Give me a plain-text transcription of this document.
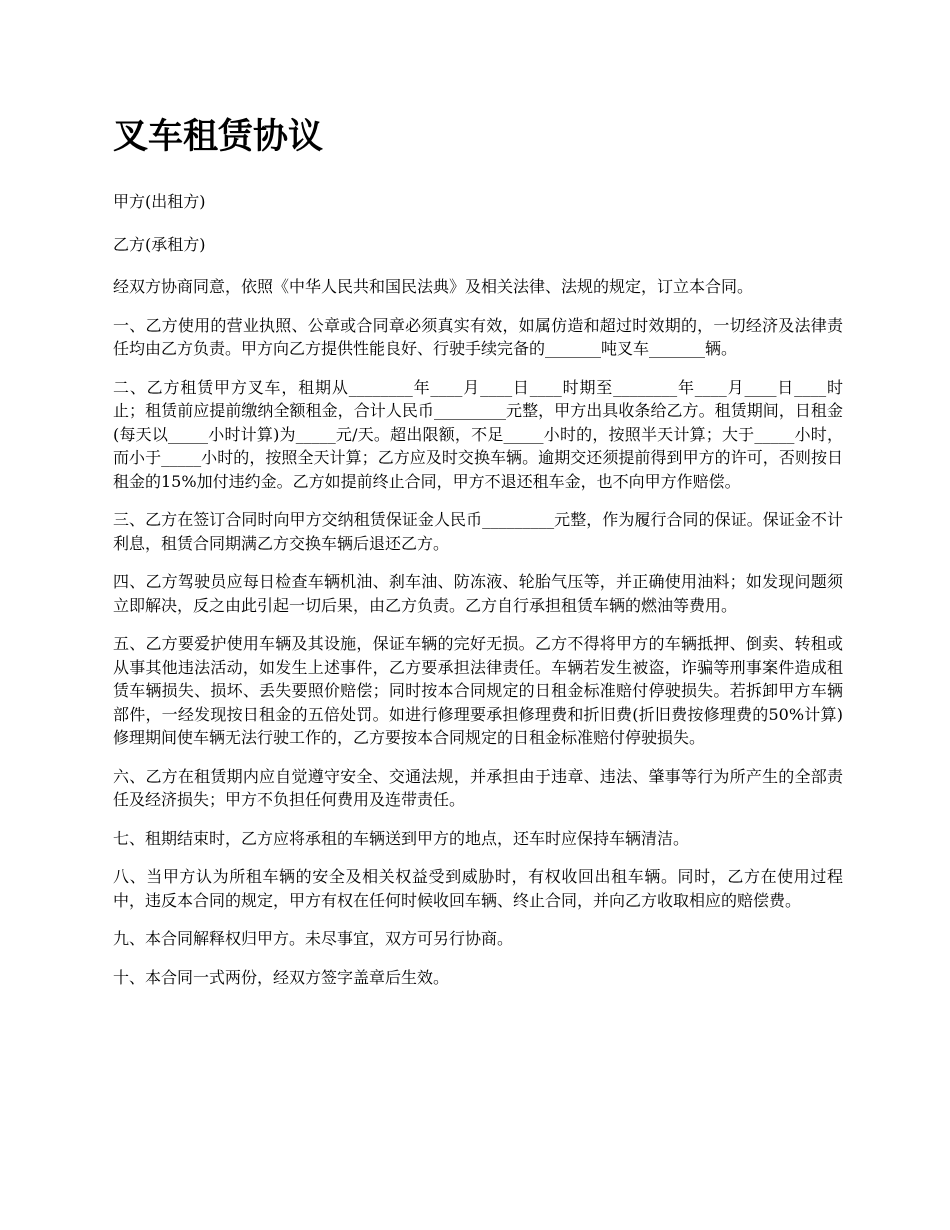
叉车租赁协议

甲方(出租方)

乙方(承租方)

经双方协商同意，依照《中华人民共和国民法典》及相关法律、法规的规定，订立本合同。

一、乙方使用的营业执照、公章或合同章必须真实有效，如属仿造和超过时效期的，一切经济及法律责任均由乙方负责。甲方向乙方提供性能良好、行驶手续完备的_______吨叉车_______辆。

二、乙方租赁甲方叉车，租期从________年____月____日____时期至________年____月____日____时止；租赁前应提前缴纳全额租金，合计人民币_________元整，甲方出具收条给乙方。租赁期间，日租金(每天以_____小时计算)为_____元/天。超出限额，不足_____小时的，按照半天计算；大于_____小时，而小于_____小时的，按照全天计算；乙方应及时交换车辆。逾期交还须提前得到甲方的许可，否则按日租金的15%加付违约金。乙方如提前终止合同，甲方不退还租车金，也不向甲方作赔偿。

三、乙方在签订合同时向甲方交纳租赁保证金人民币_________元整，作为履行合同的保证。保证金不计利息，租赁合同期满乙方交换车辆后退还乙方。

四、乙方驾驶员应每日检查车辆机油、刹车油、防冻液、轮胎气压等，并正确使用油料；如发现问题须立即解决，反之由此引起一切后果，由乙方负责。乙方自行承担租赁车辆的燃油等费用。

五、乙方要爱护使用车辆及其设施，保证车辆的完好无损。乙方不得将甲方的车辆抵押、倒卖、转租或从事其他违法活动，如发生上述事件，乙方要承担法律责任。车辆若发生被盗，诈骗等刑事案件造成租赁车辆损失、损坏、丢失要照价赔偿；同时按本合同规定的日租金标准赔付停驶损失。若拆卸甲方车辆部件，一经发现按日租金的五倍处罚。如进行修理要承担修理费和折旧费(折旧费按修理费的50%计算)修理期间使车辆无法行驶工作的，乙方要按本合同规定的日租金标准赔付停驶损失。

六、乙方在租赁期内应自觉遵守安全、交通法规，并承担由于违章、违法、肇事等行为所产生的全部责任及经济损失；甲方不负担任何费用及连带责任。

七、租期结束时，乙方应将承租的车辆送到甲方的地点，还车时应保持车辆清洁。

八、当甲方认为所租车辆的安全及相关权益受到威胁时，有权收回出租车辆。同时，乙方在使用过程中，违反本合同的规定，甲方有权在任何时候收回车辆、终止合同，并向乙方收取相应的赔偿费。

九、本合同解释权归甲方。未尽事宜，双方可另行协商。

十、本合同一式两份，经双方签字盖章后生效。
